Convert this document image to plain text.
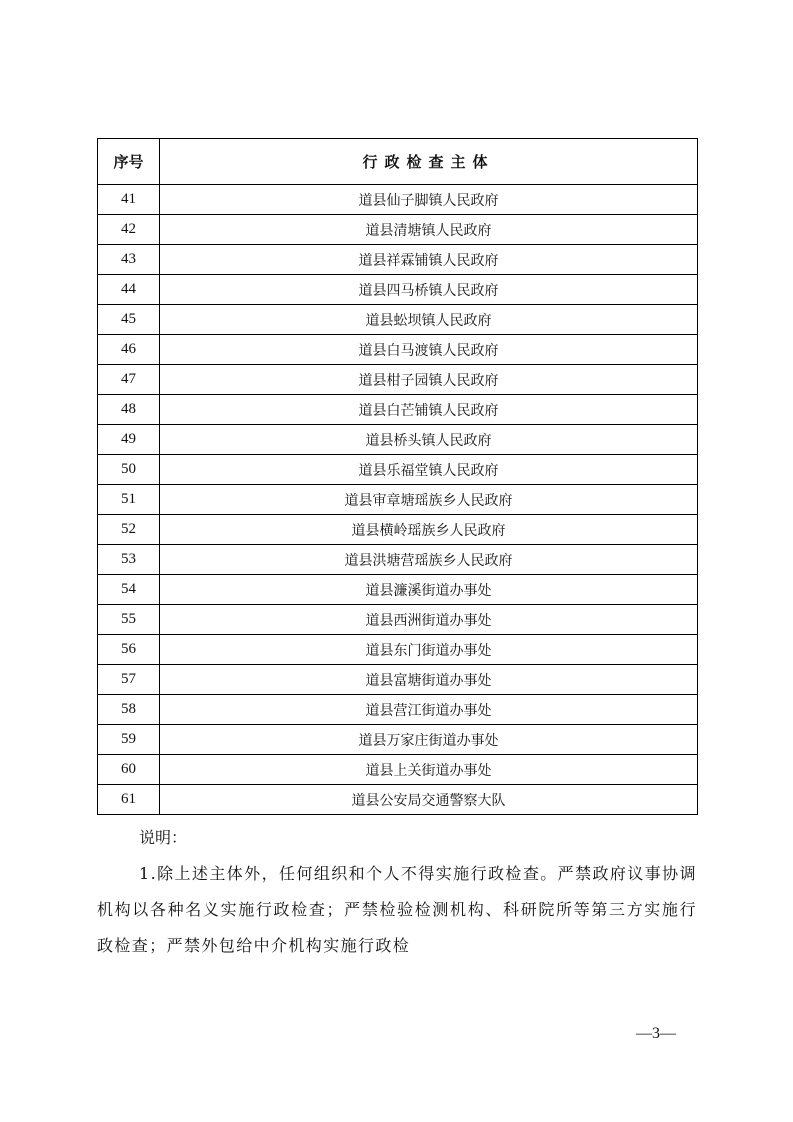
序号	行政检查主体
41	道县仙子脚镇人民政府
42	道县清塘镇人民政府
43	道县祥霖铺镇人民政府
44	道县四马桥镇人民政府
45	道县蚣坝镇人民政府
46	道县白马渡镇人民政府
47	道县柑子园镇人民政府
48	道县白芒铺镇人民政府
49	道县桥头镇人民政府
50	道县乐福堂镇人民政府
51	道县审章塘瑶族乡人民政府
52	道县横岭瑶族乡人民政府
53	道县洪塘营瑶族乡人民政府
54	道县濂溪街道办事处
55	道县西洲街道办事处
56	道县东门街道办事处
57	道县富塘街道办事处
58	道县营江街道办事处
59	道县万家庄街道办事处
60	道县上关街道办事处
61	道县公安局交通警察大队
说明：

1.除上述主体外，任何组织和个人不得实施行政检查。严禁政府议事协调机构以各种名义实施行政检查；严禁检验检测机构、科研院所等第三方实施行政检查；严禁外包给中介机构实施行政检

—3—
